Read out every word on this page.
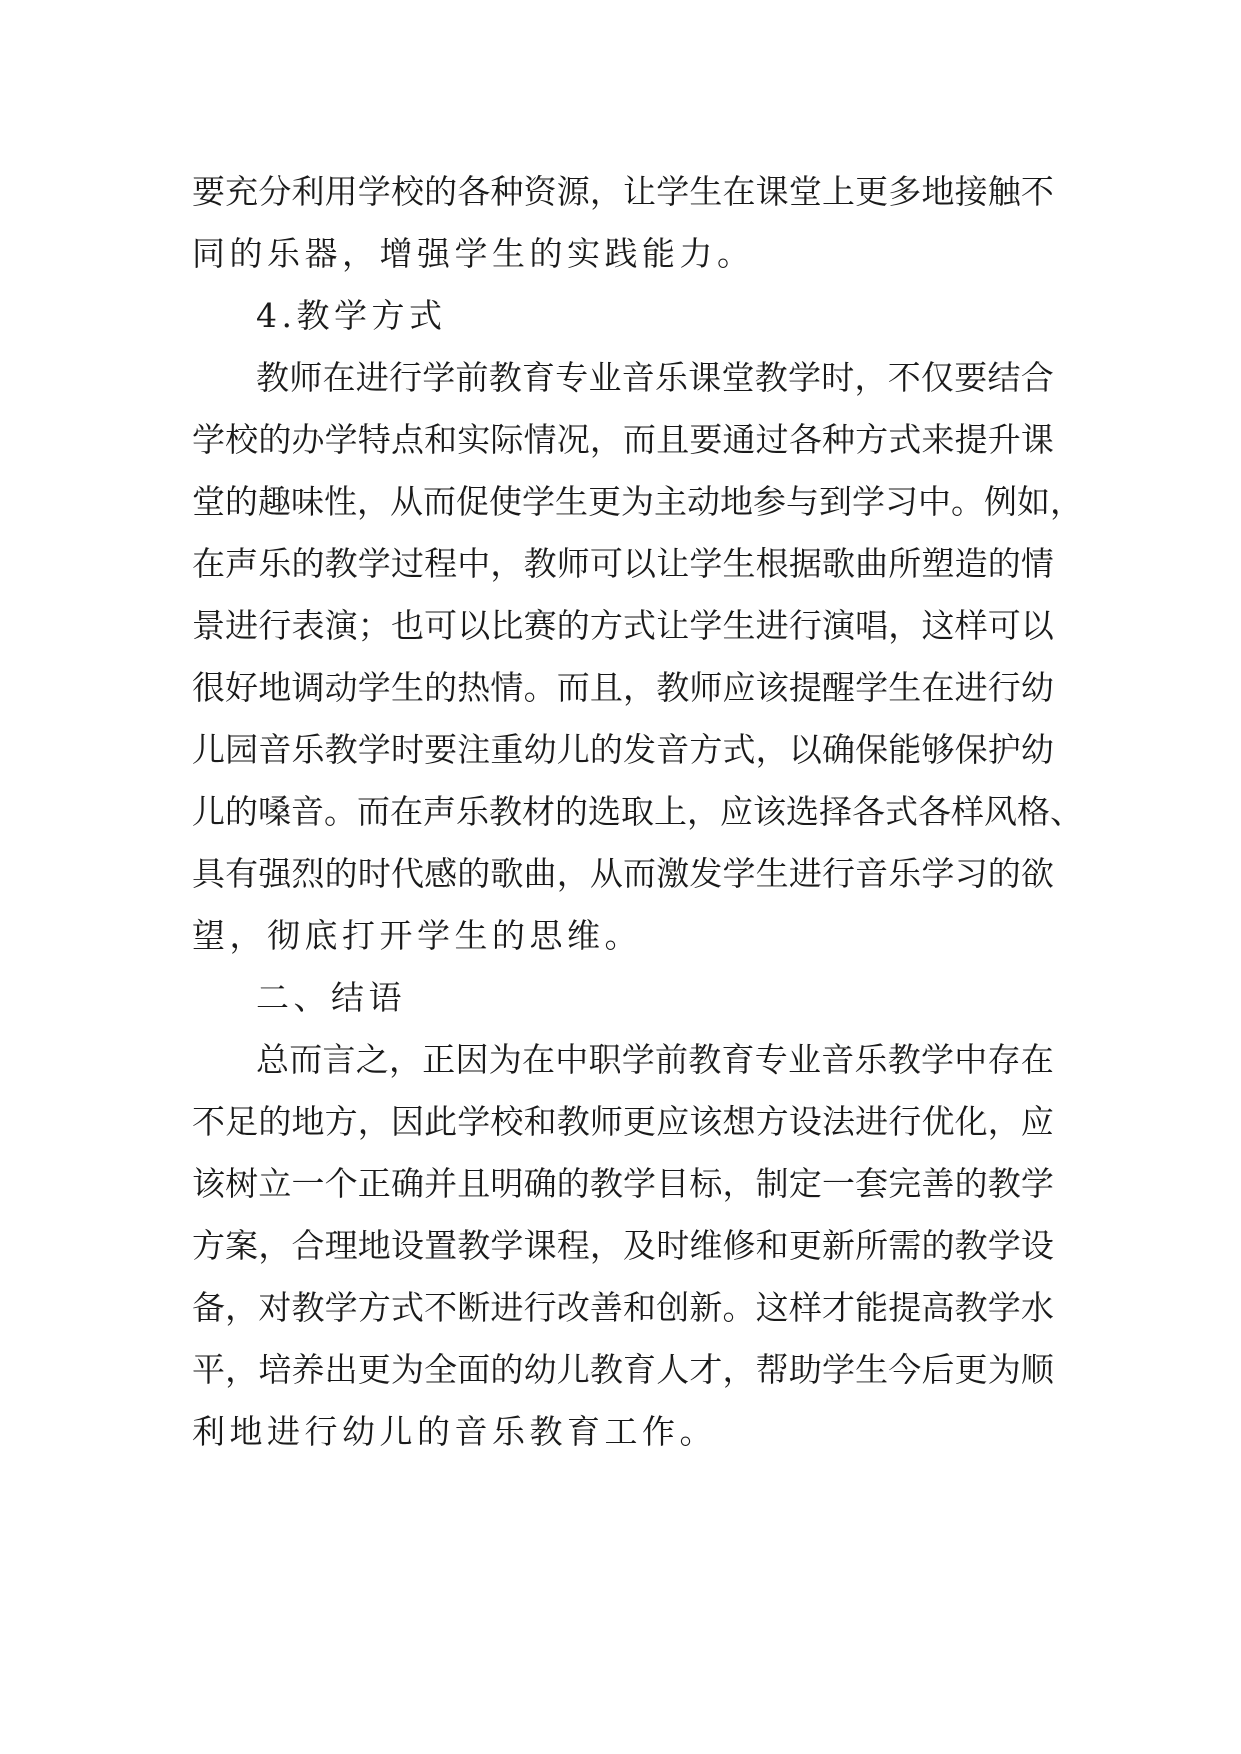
要 充 分 利 用 学 校 的 各 种 资 源 ， 让 学 生 在 课 堂 上 更 多 地 接 触 不
同的乐器，增强学生的实践能力。
4.教学方式
教 师 在 进 行 学 前 教 育 专 业 音 乐 课 堂 教 学 时 ， 不 仅 要 结 合
学 校 的 办 学 特 点 和 实 际 情 况 ， 而 且 要 通 过 各 种 方 式 来 提 升 课
堂 的 趣 味 性 ， 从 而 促 使 学 生 更 为 主 动 地 参 与 到 学 习 中 。 例 如 ，
在 声 乐 的 教 学 过 程 中 ， 教 师 可 以 让 学 生 根 据 歌 曲 所 塑 造 的 情
景 进 行 表 演 ； 也 可 以 比 赛 的 方 式 让 学 生 进 行 演 唱 ， 这 样 可 以
很 好 地 调 动 学 生 的 热 情 。 而 且 ， 教 师 应 该 提 醒 学 生 在 进 行 幼
儿 园 音 乐 教 学 时 要 注 重 幼 儿 的 发 音 方 式 ， 以 确 保 能 够 保 护 幼
儿 的 嗓 音 。 而 在 声 乐 教 材 的 选 取 上 ， 应 该 选 择 各 式 各 样 风 格 、
具 有 强 烈 的 时 代 感 的 歌 曲 ， 从 而 激 发 学 生 进 行 音 乐 学 习 的 欲
望，彻底打开学生的思维。
二、结语
总 而 言 之 ， 正 因 为 在 中 职 学 前 教 育 专 业 音 乐 教 学 中 存 在
不 足 的 地 方 ， 因 此 学 校 和 教 师 更 应 该 想 方 设 法 进 行 优 化 ， 应
该 树 立 一 个 正 确 并 且 明 确 的 教 学 目 标 ， 制 定 一 套 完 善 的 教 学
方 案 ， 合 理 地 设 置 教 学 课 程 ， 及 时 维 修 和 更 新 所 需 的 教 学 设
备 ， 对 教 学 方 式 不 断 进 行 改 善 和 创 新 。 这 样 才 能 提 高 教 学 水
平 ， 培 养 出 更 为 全 面 的 幼 儿 教 育 人 才 ， 帮 助 学 生 今 后 更 为 顺
利地进行幼儿的音乐教育工作。
